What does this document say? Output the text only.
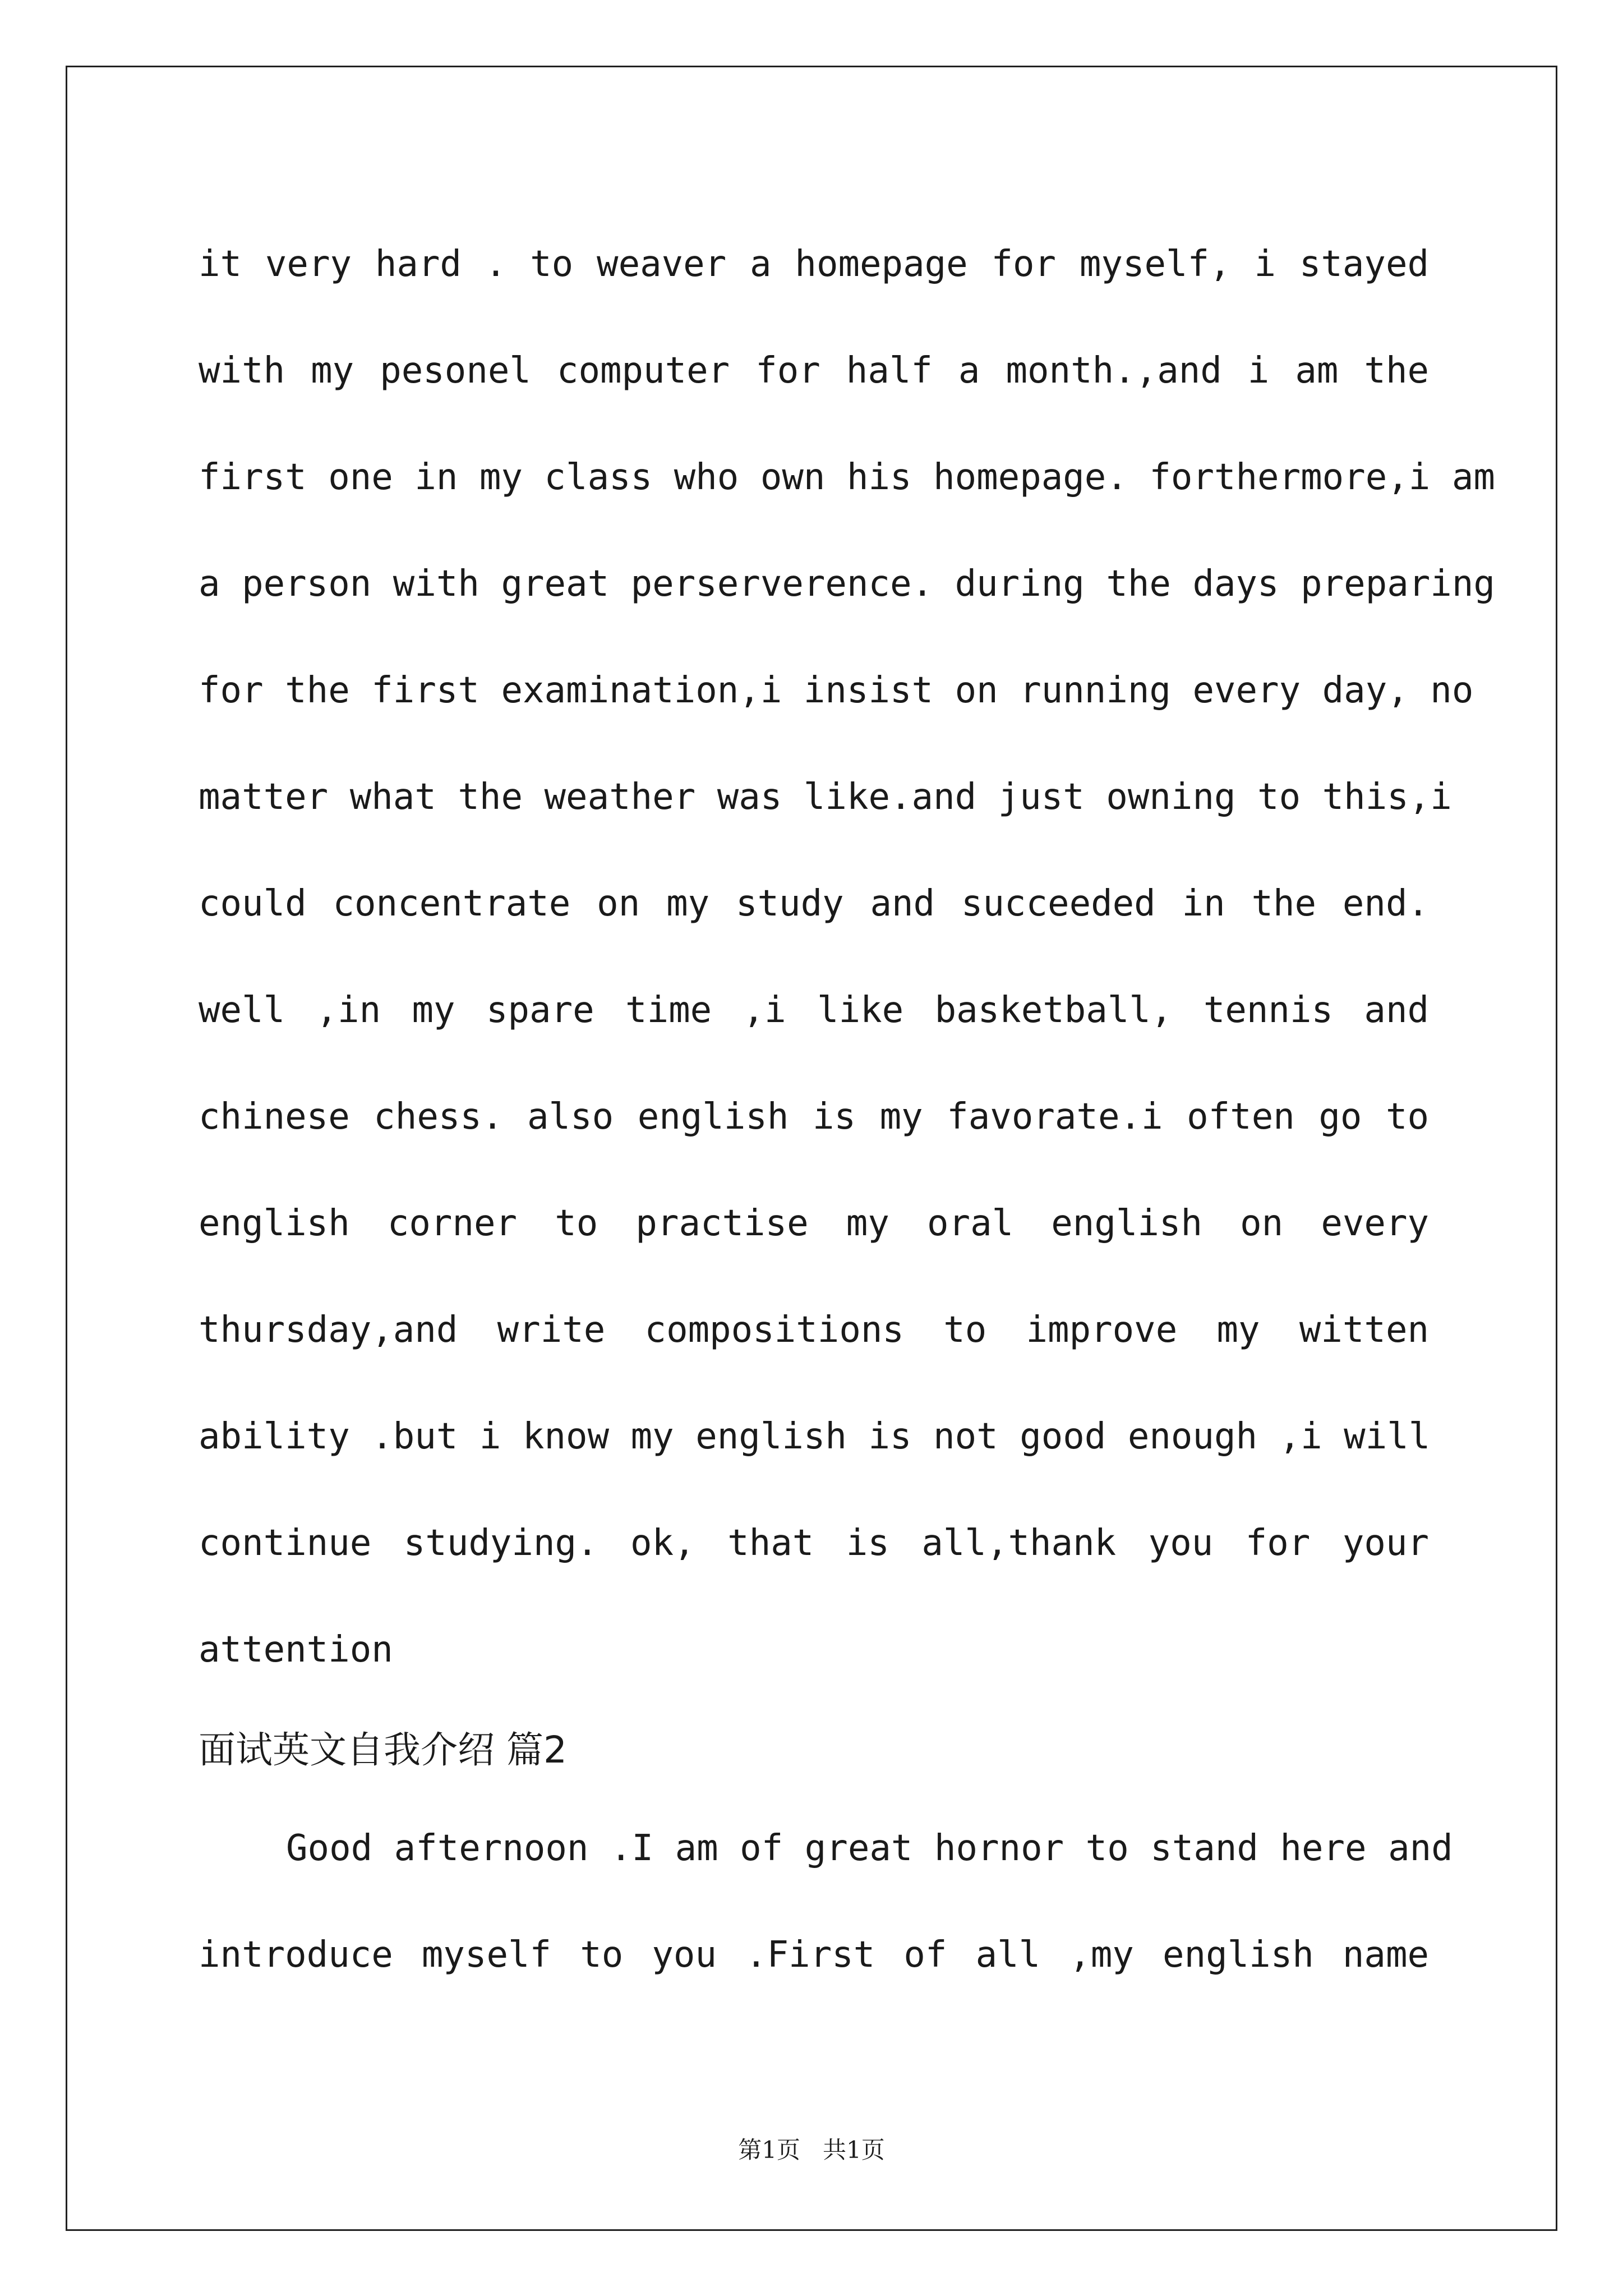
it very hard . to weaver a homepage for myself, i stayed
with my pesonel computer for half a month.,and i am the
first one in my class who own his homepage. forthermore,i am
a person with great perserverence. during the days preparing
for the first examination,i insist on running every day, no
matter what the weather was like.and just owning to this,i
could concentrate on my study and succeeded in the end.
well ,in my spare time ,i like basketball, tennis and
chinese chess. also english is my favorate.i often go to
english corner to practise my oral english on every
thursday,and write compositions to improve my witten
ability .but i know my english is not good enough ,i will
continue studying. ok, that is all,thank you for your
attention
面试英文自我介绍 篇2
Good afternoon .I am of great hornor to stand here and
introduce myself to you .First of all ,my english name
第1页   共1页
